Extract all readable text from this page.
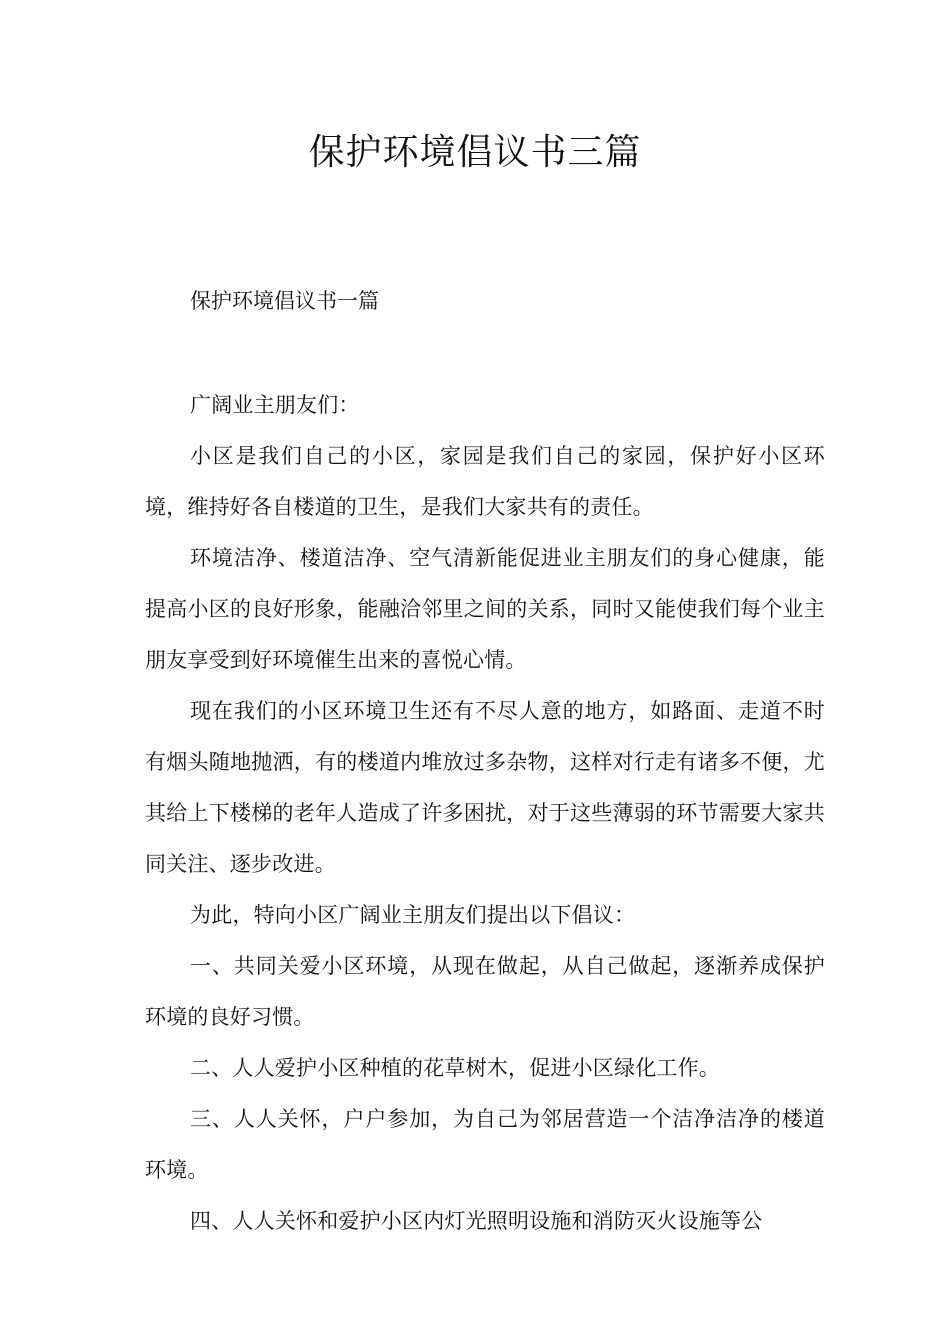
保护环境倡议书三篇
保护环境倡议书一篇

广阔业主朋友们：

小区是我们自己的小区，家园是我们自己的家园，保护好小区环境，维持好各自楼道的卫生，是我们大家共有的责任。

环境洁净、楼道洁净、空气清新能促进业主朋友们的身心健康，能提高小区的良好形象，能融洽邻里之间的关系，同时又能使我们每个业主朋友享受到好环境催生出来的喜悦心情。

现在我们的小区环境卫生还有不尽人意的地方，如路面、走道不时有烟头随地抛洒，有的楼道内堆放过多杂物，这样对行走有诸多不便，尤其给上下楼梯的老年人造成了许多困扰，对于这些薄弱的环节需要大家共同关注、逐步改进。

为此，特向小区广阔业主朋友们提出以下倡议：

一、共同关爱小区环境，从现在做起，从自己做起，逐渐养成保护环境的良好习惯。

二、人人爱护小区种植的花草树木，促进小区绿化工作。

三、人人关怀，户户参加，为自己为邻居营造一个洁净洁净的楼道环境。

四、人人关怀和爱护小区内灯光照明设施和消防灭火设施等公
